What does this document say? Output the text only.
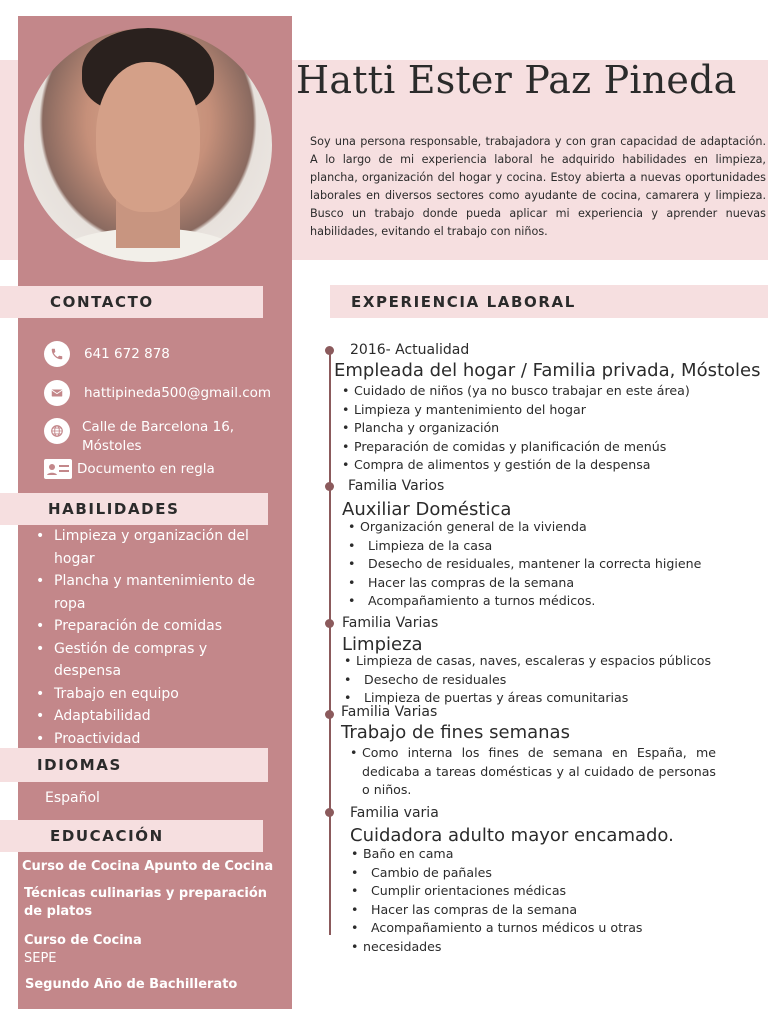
Hatti Ester Paz Pineda
Soy una persona responsable, trabajadora y con gran capacidad de adaptación. A lo largo de mi experiencia laboral he adquirido habilidades en limpieza, plancha, organización del hogar y cocina. Estoy abierta a nuevas oportunidades laborales en diversos sectores como ayudante de cocina, camarera y limpieza. Busco un trabajo donde pueda aplicar mi experiencia y aprender nuevas habilidades, evitando el trabajo con niños.
CONTACTO
641 672 878
hattipineda500@gmail.com
Calle de Barcelona 16,
Móstoles
Documento en regla
HABILIDADES
• Limpieza y organización del hogar
• Plancha y mantenimiento de ropa
• Preparación de comidas
• Gestión de compras y despensa
• Trabajo en equipo
• Adaptabilidad
• Proactividad
IDIOMAS
Español
EDUCACIÓN
Curso de Cocina Apunto de Cocina
Técnicas culinarias y preparación de platos
Curso de Cocina
SEPE
Segundo Año de Bachillerato
EXPERIENCIA LABORAL
2016- Actualidad
Empleada del hogar / Familia privada, Móstoles
• Cuidado de niños (ya no busco trabajar en este área)
• Limpieza y mantenimiento del hogar
• Plancha y organización
• Preparación de comidas y planificación de menús
• Compra de alimentos y gestión de la despensa
Familia Varios
Auxiliar Doméstica
• Organización general de la vivienda
• Limpieza de la casa
• Desecho de residuales, mantener la correcta higiene
• Hacer las compras de la semana
• Acompañamiento a turnos médicos.
Familia Varias
Limpieza
• Limpieza de casas, naves, escaleras y espacios públicos
• Desecho de residuales
• Limpieza de puertas y áreas comunitarias
Familia Varias
Trabajo de fines semanas
• Como interna los fines de semana en España, me dedicaba a tareas domésticas y al cuidado de personas o niños.
Familia varia
Cuidadora adulto mayor encamado.
• Baño en cama
• Cambio de pañales
• Cumplir orientaciones médicas
• Hacer las compras de la semana
• Acompañamiento a turnos médicos u otras
• necesidades
